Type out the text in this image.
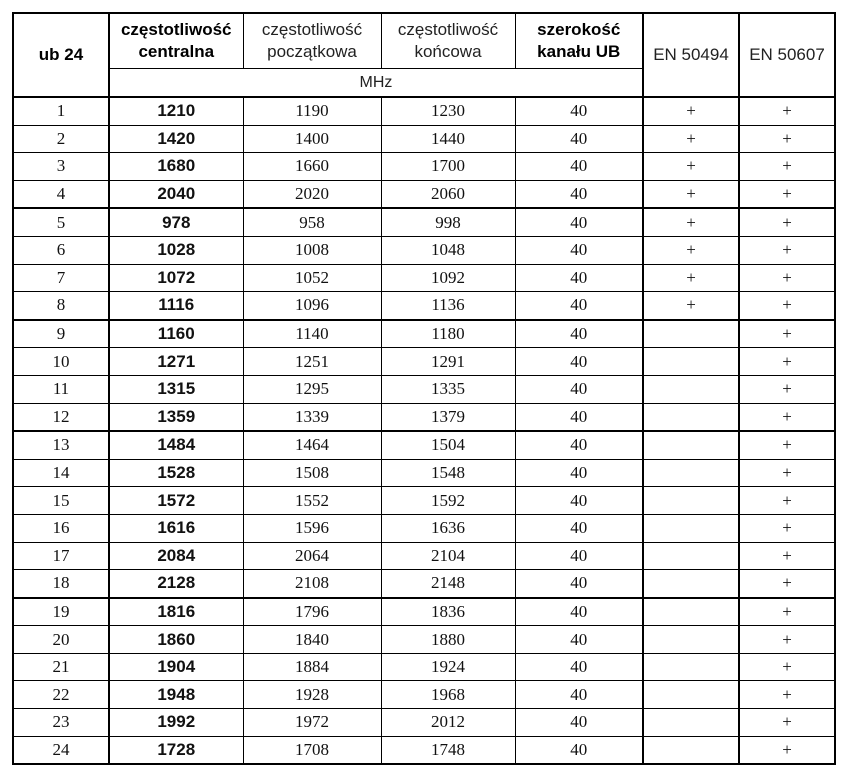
ub 24	częstotliwość centralna	częstotliwość początkowa	częstotliwość końcowa	szerokość kanału UB	EN 50494	EN 50607
	MHz					
1	1210	1190	1230	40	+	+
2	1420	1400	1440	40	+	+
3	1680	1660	1700	40	+	+
4	2040	2020	2060	40	+	+
5	978	958	998	40	+	+
6	1028	1008	1048	40	+	+
7	1072	1052	1092	40	+	+
8	1116	1096	1136	40	+	+
9	1160	1140	1180	40		+
10	1271	1251	1291	40		+
11	1315	1295	1335	40		+
12	1359	1339	1379	40		+
13	1484	1464	1504	40		+
14	1528	1508	1548	40		+
15	1572	1552	1592	40		+
16	1616	1596	1636	40		+
17	2084	2064	2104	40		+
18	2128	2108	2148	40		+
19	1816	1796	1836	40		+
20	1860	1840	1880	40		+
21	1904	1884	1924	40		+
22	1948	1928	1968	40		+
23	1992	1972	2012	40		+
24	1728	1708	1748	40		+
